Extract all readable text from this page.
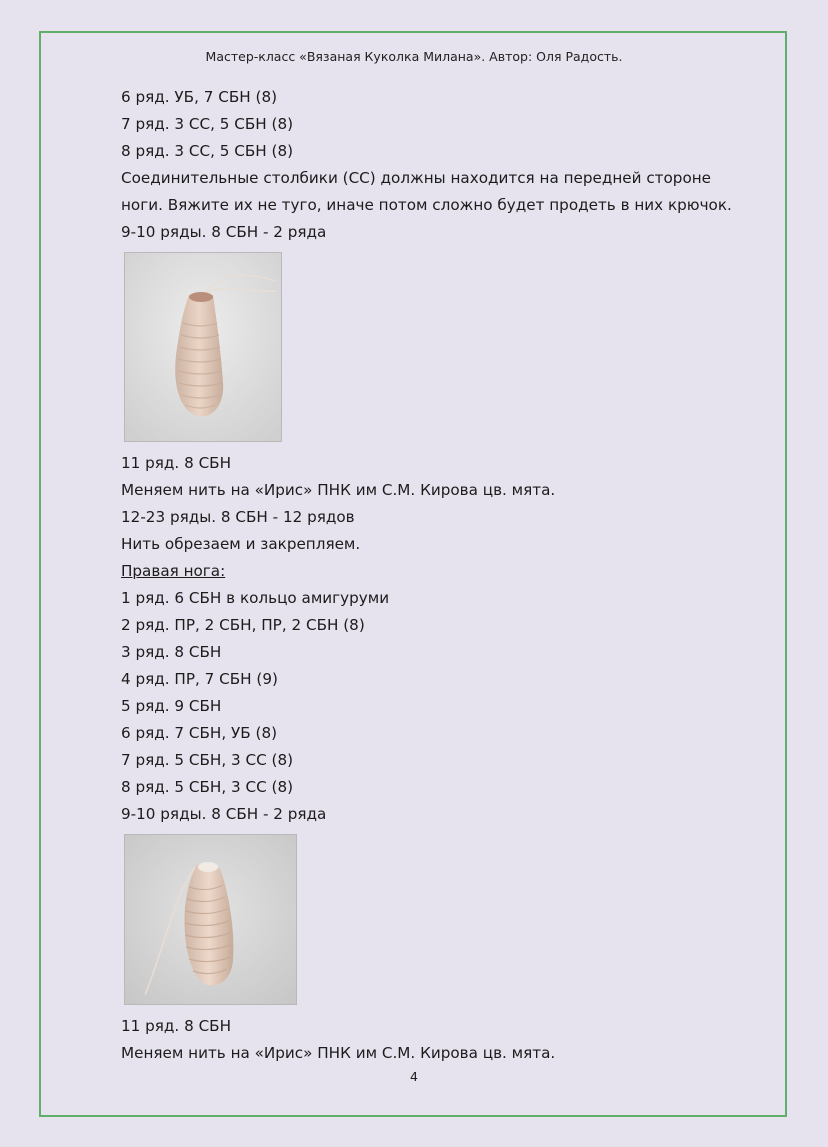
Мастер-класс «Вязаная Куколка Милана». Автор: Оля Радость.
6 ряд. УБ, 7 СБН (8)
7 ряд. 3 СС, 5 СБН (8)
8 ряд. 3 СС, 5 СБН (8)
Соединительные столбики (СС) должны находится на передней стороне
ноги. Вяжите их не туго, иначе потом сложно будет продеть в них крючок.
9-10 ряды. 8 СБН - 2 ряда
11 ряд. 8 СБН
Меняем нить на «Ирис» ПНК им С.М. Кирова цв. мята.
12-23 ряды. 8 СБН - 12 рядов
Нить обрезаем и закрепляем.
Правая нога:
1 ряд. 6 СБН в кольцо амигуруми
2 ряд. ПР, 2 СБН, ПР, 2 СБН (8)
3 ряд. 8 СБН
4 ряд. ПР, 7 СБН (9)
5 ряд. 9 СБН
6 ряд. 7 СБН, УБ (8)
7 ряд. 5 СБН, 3 СС (8)
8 ряд. 5 СБН, 3 СС (8)
9-10 ряды. 8 СБН - 2 ряда
11 ряд. 8 СБН
Меняем нить на «Ирис» ПНК им С.М. Кирова цв. мята.
4
